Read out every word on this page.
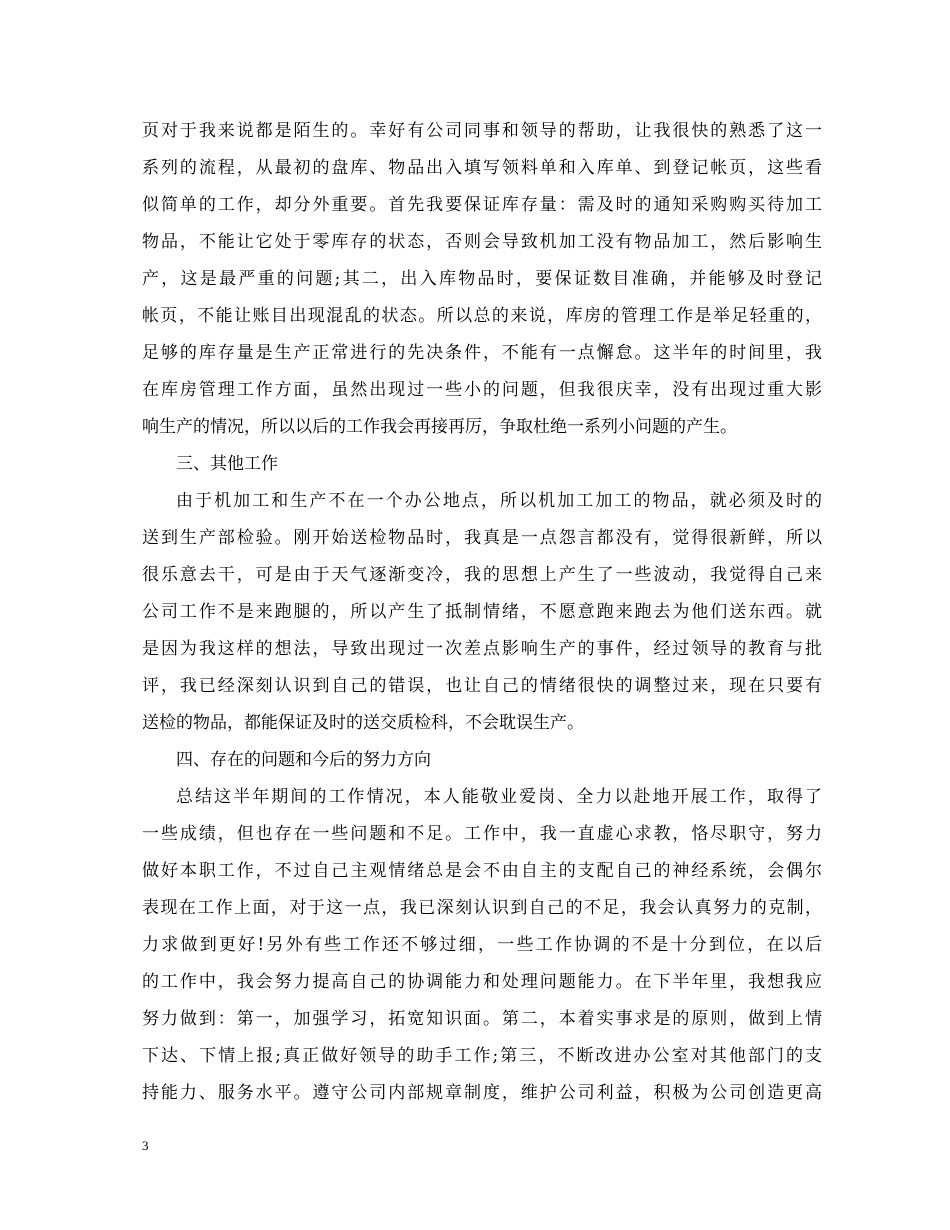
页对于我来说都是陌生的。幸好有公司同事和领导的帮助，让我很快的熟悉了这一
系列的流程，从最初的盘库、物品出入填写领料单和入库单、到登记帐页，这些看
似简单的工作，却分外重要。首先我要保证库存量：需及时的通知采购购买待加工
物品，不能让它处于零库存的状态，否则会导致机加工没有物品加工，然后影响生
产，这是最严重的问题;其二，出入库物品时，要保证数目准确，并能够及时登记
帐页，不能让账目出现混乱的状态。所以总的来说，库房的管理工作是举足轻重的，
足够的库存量是生产正常进行的先决条件，不能有一点懈怠。这半年的时间里，我
在库房管理工作方面，虽然出现过一些小的问题，但我很庆幸，没有出现过重大影
响生产的情况，所以以后的工作我会再接再厉，争取杜绝一系列小问题的产生。
三、其他工作
由于机加工和生产不在一个办公地点，所以机加工加工的物品，就必须及时的
送到生产部检验。刚开始送检物品时，我真是一点怨言都没有，觉得很新鲜，所以
很乐意去干，可是由于天气逐渐变冷，我的思想上产生了一些波动，我觉得自己来
公司工作不是来跑腿的，所以产生了抵制情绪，不愿意跑来跑去为他们送东西。就
是因为我这样的想法，导致出现过一次差点影响生产的事件，经过领导的教育与批
评，我已经深刻认识到自己的错误，也让自己的情绪很快的调整过来，现在只要有
送检的物品，都能保证及时的送交质检科，不会耽误生产。
四、存在的问题和今后的努力方向
总结这半年期间的工作情况，本人能敬业爱岗、全力以赴地开展工作，取得了
一些成绩，但也存在一些问题和不足。工作中，我一直虚心求教，恪尽职守，努力
做好本职工作，不过自己主观情绪总是会不由自主的支配自己的神经系统，会偶尔
表现在工作上面，对于这一点，我已深刻认识到自己的不足，我会认真努力的克制，
力求做到更好!另外有些工作还不够过细，一些工作协调的不是十分到位，在以后
的工作中，我会努力提高自己的协调能力和处理问题能力。在下半年里，我想我应
努力做到：第一，加强学习，拓宽知识面。第二，本着实事求是的原则，做到上情
下达、下情上报;真正做好领导的助手工作;第三，不断改进办公室对其他部门的支
持能力、服务水平。遵守公司内部规章制度，维护公司利益，积极为公司创造更高
3
